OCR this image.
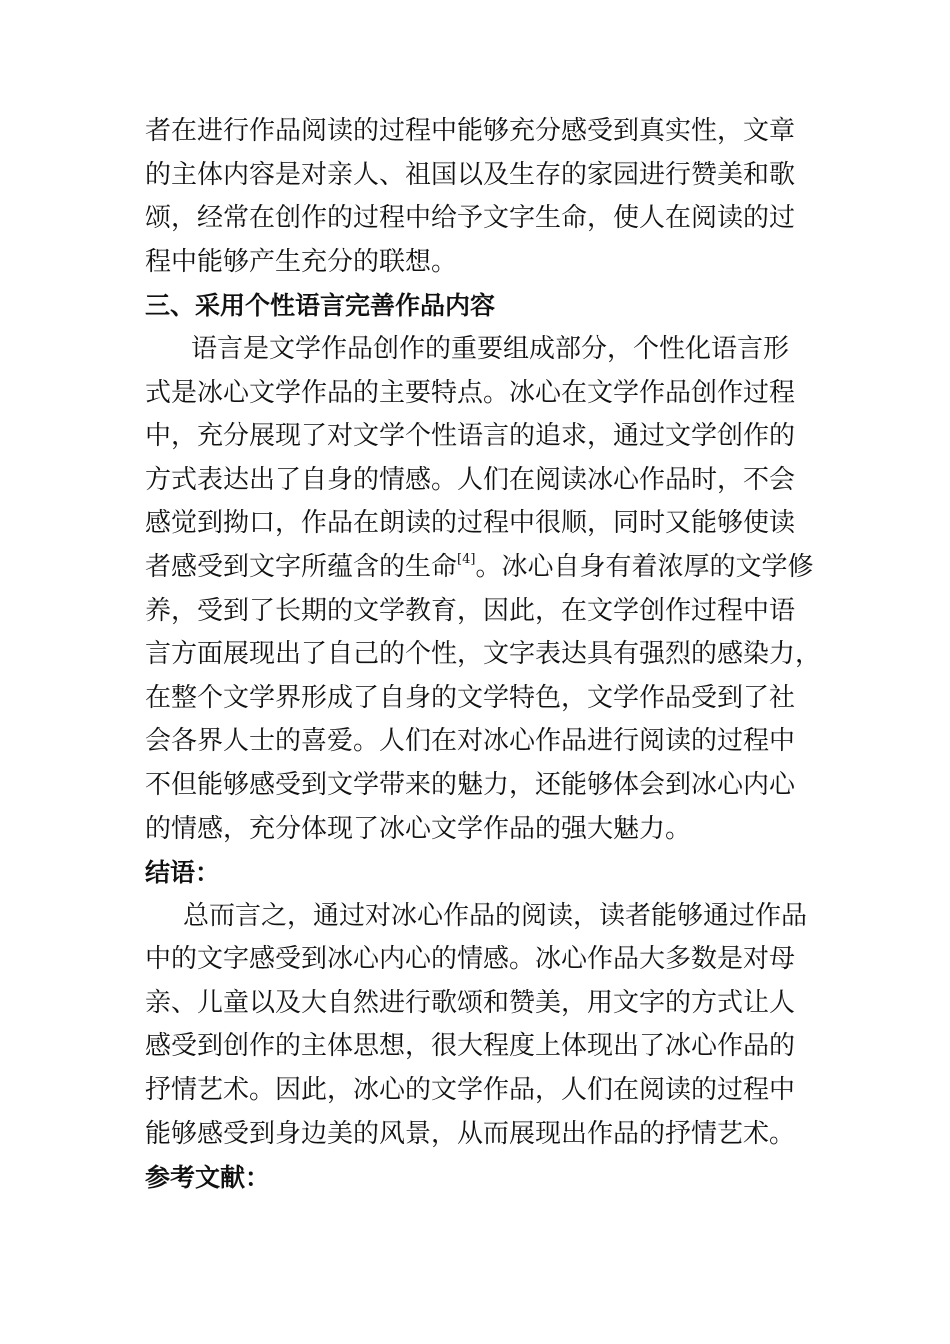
者在进行作品阅读的过程中能够充分感受到真实性，文章
的主体内容是对亲人、祖国以及生存的家园进行赞美和歌
颂，经常在创作的过程中给予文字生命，使人在阅读的过
程中能够产生充分的联想。
三、采用个性语言完善作品内容
语言是文学作品创作的重要组成部分，个性化语言形
式是冰心文学作品的主要特点。冰心在文学作品创作过程
中，充分展现了对文学个性语言的追求，通过文学创作的
方式表达出了自身的情感。人们在阅读冰心作品时，不会
感觉到拗口，作品在朗读的过程中很顺，同时又能够使读
者感受到文字所蕴含的生命[4]。冰心自身有着浓厚的文学修
养，受到了长期的文学教育，因此，在文学创作过程中语
言方面展现出了自己的个性，文字表达具有强烈的感染力，
在整个文学界形成了自身的文学特色，文学作品受到了社
会各界人士的喜爱。人们在对冰心作品进行阅读的过程中
不但能够感受到文学带来的魅力，还能够体会到冰心内心
的情感，充分体现了冰心文学作品的强大魅力。
结语：
总而言之，通过对冰心作品的阅读，读者能够通过作品
中的文字感受到冰心内心的情感。冰心作品大多数是对母
亲、儿童以及大自然进行歌颂和赞美，用文字的方式让人
感受到创作的主体思想，很大程度上体现出了冰心作品的
抒情艺术。因此，冰心的文学作品，人们在阅读的过程中
能够感受到身边美的风景，从而展现出作品的抒情艺术。
参考文献：
